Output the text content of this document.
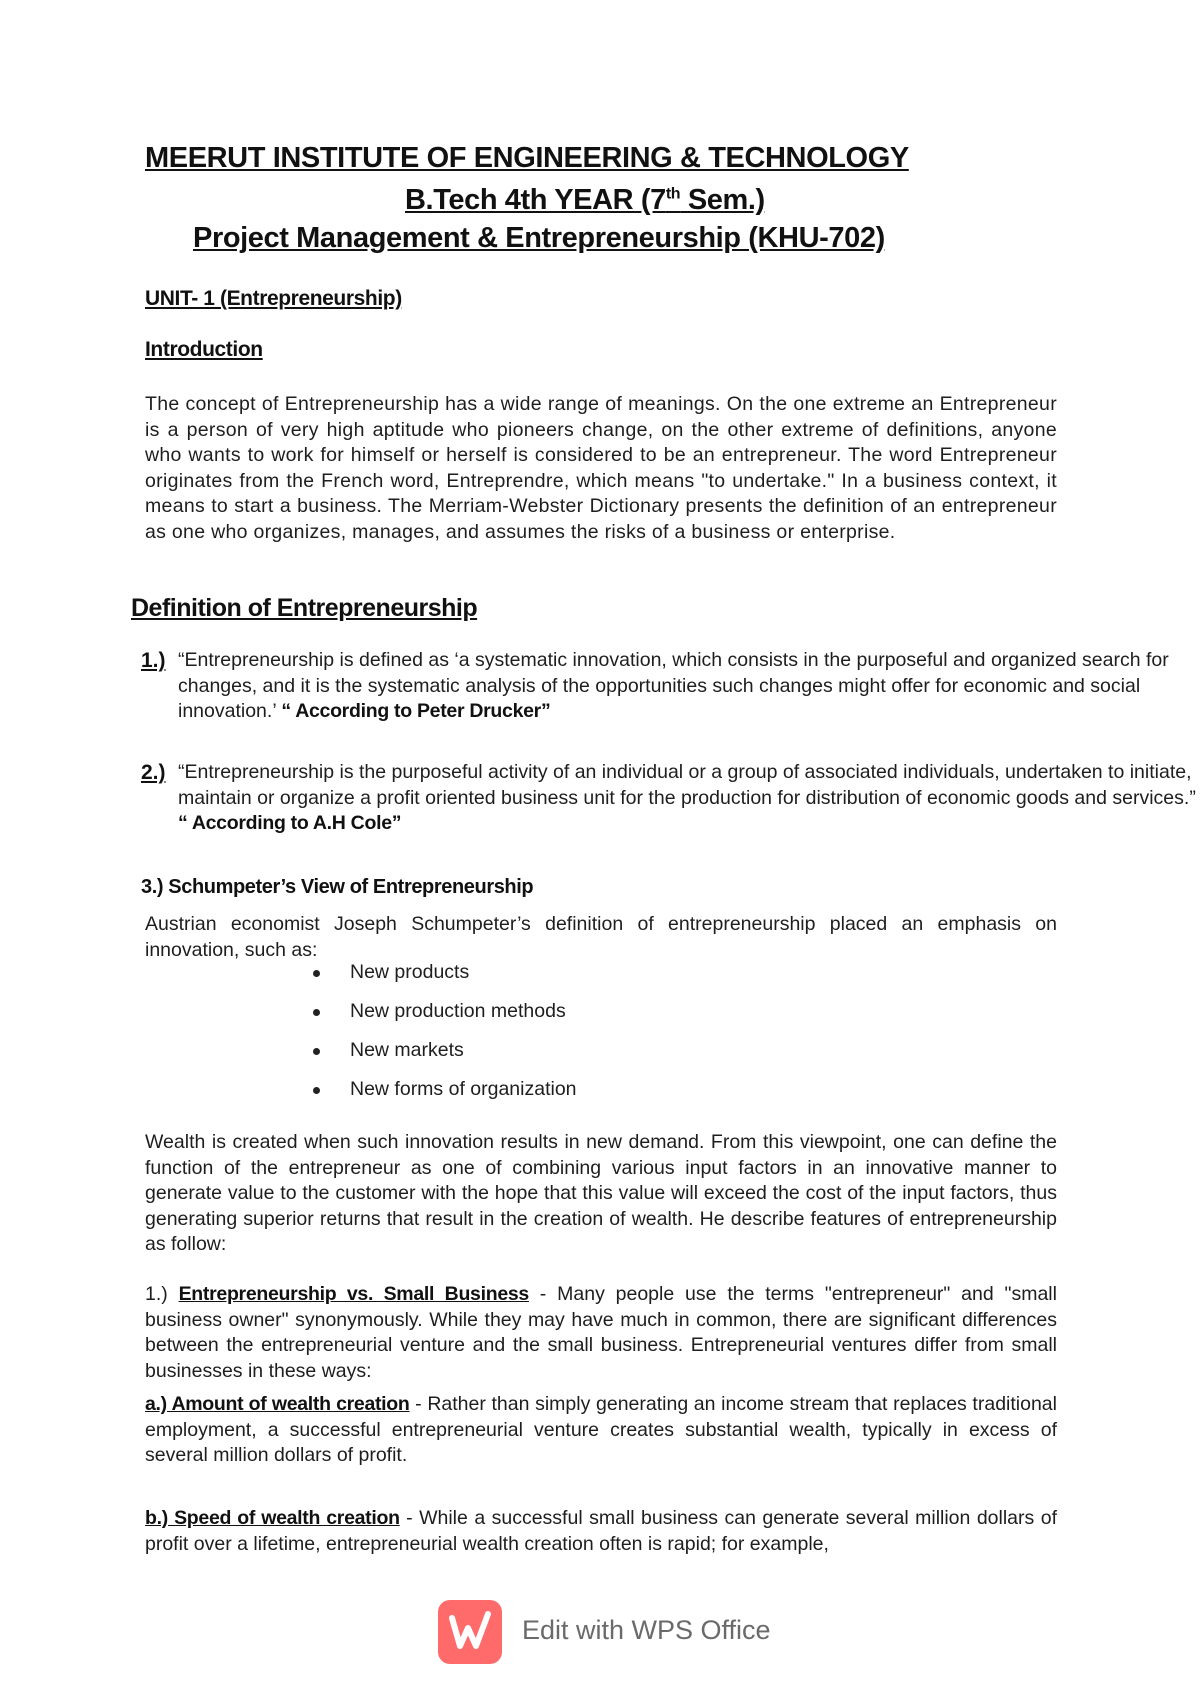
MEERUT INSTITUTE OF ENGINEERING & TECHNOLOGY
B.Tech 4th YEAR (7th Sem.)
Project Management & Entrepreneurship (KHU-702)
UNIT- 1 (Entrepreneurship)
Introduction
The concept of Entrepreneurship has a wide range of meanings. On the one extreme an Entrepreneur is a person of very high aptitude who pioneers change, on the other extreme of definitions, anyone who wants to work for himself or herself is considered to be an entrepreneur. The word Entrepreneur originates from the French word, Entreprendre, which means "to undertake." In a business context, it means to start a business. The Merriam-Webster Dictionary presents the definition of an entrepreneur as one who organizes, manages, and assumes the risks of a business or enterprise.
Definition of Entrepreneurship
1.) “Entrepreneurship is defined as ‘a systematic innovation, which consists in the purposeful and organized search for changes, and it is the systematic analysis of the opportunities such changes might offer for economic and social innovation.’ “ According to Peter Drucker”
2.) “Entrepreneurship is the purposeful activity of an individual or a group of associated individuals, undertaken to initiate, maintain or organize a profit oriented business unit for the production for distribution of economic goods and services.” “ According to A.H Cole”
3.) Schumpeter’s View of Entrepreneurship
Austrian economist Joseph Schumpeter’s definition of entrepreneurship placed an emphasis on innovation, such as:
New products
New production methods
New markets
New forms of organization
Wealth is created when such innovation results in new demand. From this viewpoint, one can define the function of the entrepreneur as one of combining various input factors in an innovative manner to generate value to the customer with the hope that this value will exceed the cost of the input factors, thus generating superior returns that result in the creation of wealth. He describe features of entrepreneurship as follow:
1.) Entrepreneurship vs. Small Business - Many people use the terms "entrepreneur" and "small business owner" synonymously. While they may have much in common, there are significant differences between the entrepreneurial venture and the small business. Entrepreneurial ventures differ from small businesses in these ways:
a.) Amount of wealth creation - Rather than simply generating an income stream that replaces traditional employment, a successful entrepreneurial venture creates substantial wealth, typically in excess of several million dollars of profit.
b.) Speed of wealth creation - While a successful small business can generate several million dollars of profit over a lifetime, entrepreneurial wealth creation often is rapid; for example,
Edit with WPS Office
